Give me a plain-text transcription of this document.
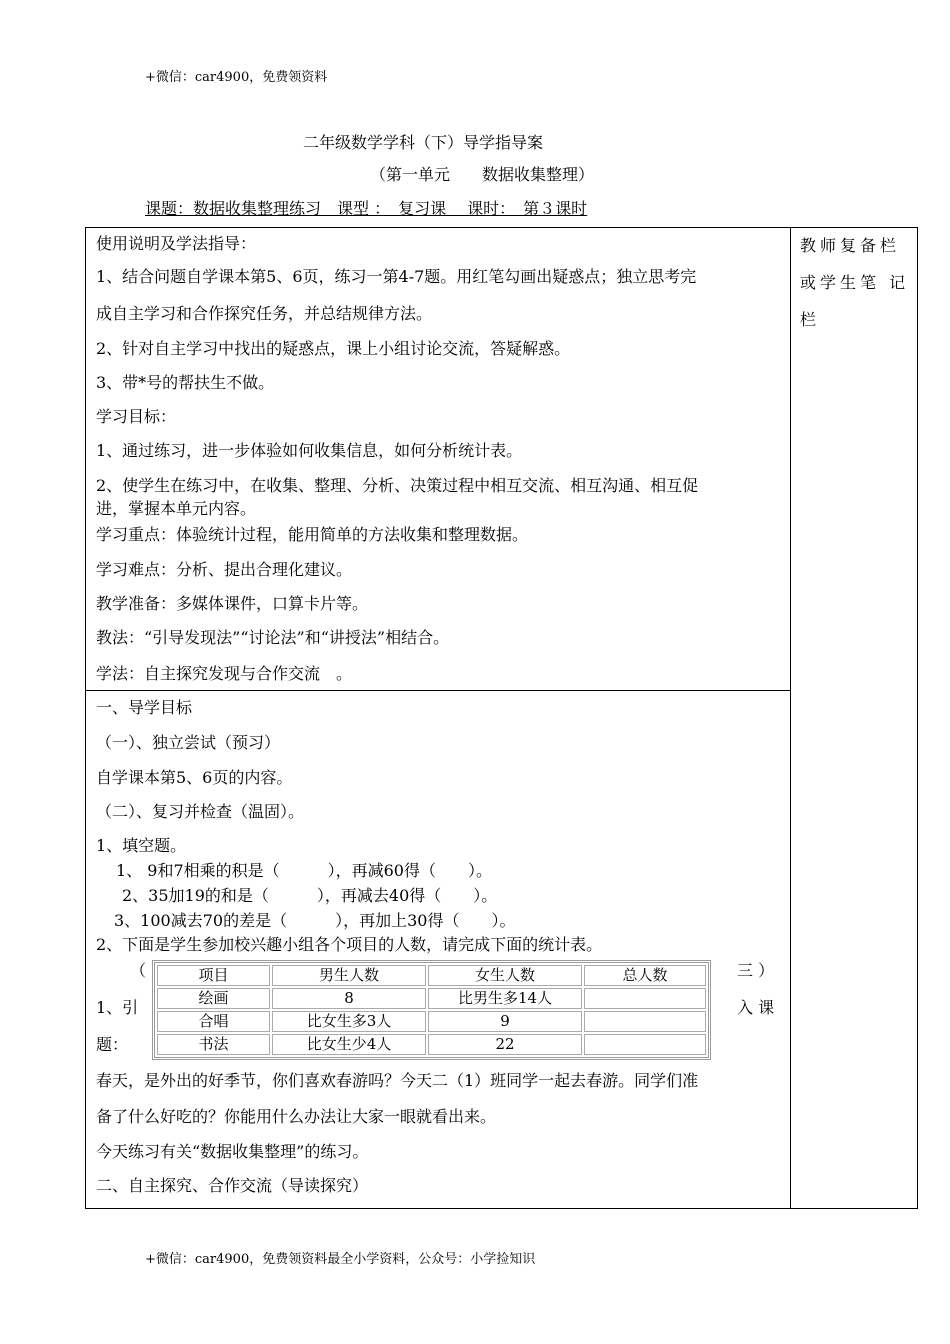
+微信：car4900，免费领资料
二年级数学学科（下）导学指导案
（第一单元　　数据收集整理）
课题：数据收集整理练习　课型 ：　复习课　 课时：　第３课时
教师复备栏
或学生笔 记
栏
使用说明及学法指导：
1、结合问题自学课本第5、6页，练习一第4-7题。用红笔勾画出疑惑点；独立思考完
成自主学习和合作探究任务，并总结规律方法。
2、针对自主学习中找出的疑惑点，课上小组讨论交流，答疑解惑。
3、带*号的帮扶生不做。
学习目标：
1、通过练习，进一步体验如何收集信息，如何分析统计表。
2、使学生在练习中，在收集、整理、分析、决策过程中相互交流、相互沟通、相互促
进，掌握本单元内容。
学习重点：体验统计过程，能用简单的方法收集和整理数据。
学习难点：分析、提出合理化建议。
教学准备：多媒体课件，口算卡片等。
教法：“引导发现法”“讨论法”和“讲授法”相结合。
学法：自主探究发现与合作交流　。
一、导学目标
（一）、独立尝试（预习）
自学课本第5、6页的内容。
（二）、复习并检查（温固）。
1、填空题。
1、 9和7相乘的积是（　　　），再减60得（　　）。
2、35加19的和是（　　　），再减去40得（　　）。
3、100减去70的差是（　　　），再加上30得（　　）。
2、下面是学生参加校兴趣小组各个项目的人数，请完成下面的统计表。
（
1、引
题：
三 ）
入 课
项目	男生人数	女生人数	总人数
绘画	8	比男生多14人	
合唱	比女生多3人	9	
书法	比女生少4人	22	
春天，是外出的好季节，你们喜欢春游吗？今天二（1）班同学一起去春游。同学们准
备了什么好吃的？你能用什么办法让大家一眼就看出来。
今天练习有关“数据收集整理”的练习。
二、自主探究、合作交流（导读探究）
+微信：car4900，免费领资料最全小学资料，公众号：小学捡知识
